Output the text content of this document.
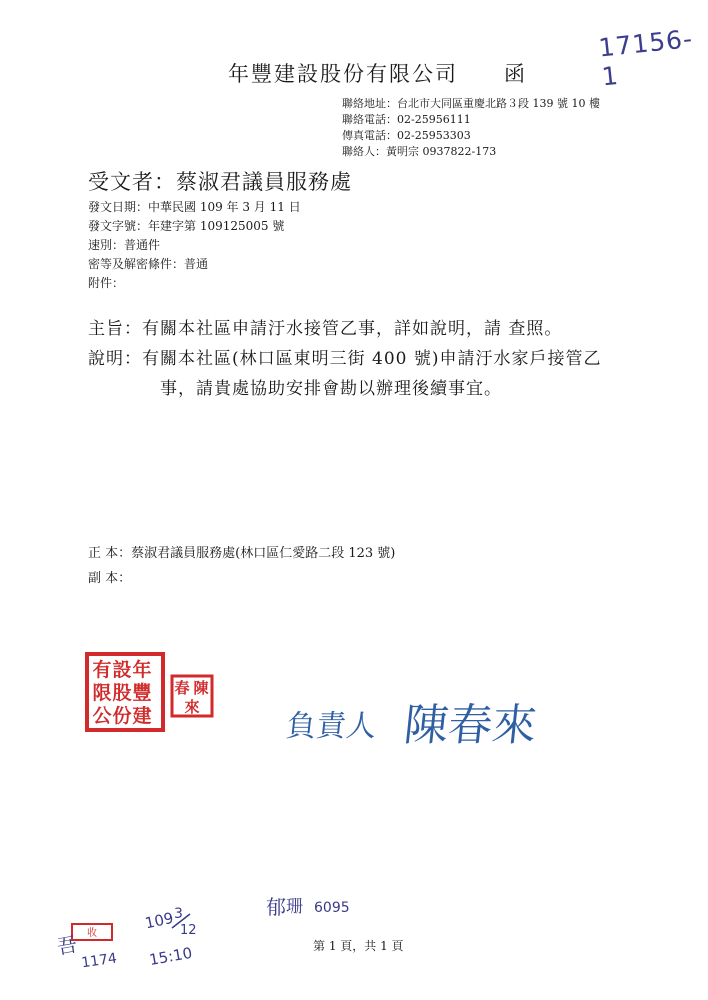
17156-1
年豐建設股份有限公司　　 函
聯絡地址：台北市大同區重慶北路３段 139 號 10 樓
聯絡電話：02-25956111
傳真電話：02-25953303
聯絡人：黃明宗 0937822-173
受文者：蔡淑君議員服務處
發文日期：中華民國 109 年 3 月 11 日
發文字號：年建字第 109125005 號
速別：普通件
密等及解密條件：普通
附件：
主旨：有關本社區申請汙水接管乙事，詳如說明，請 查照。
說明：有關本社區(林口區東明三街 400 號)申請汙水家戶接管乙
事，請貴處協助安排會勘以辦理後續事宜。
正 本：蔡淑君議員服務處(林口區仁愛路二段 123 號)
副 本：
年
豐
建
設
股
份
有
限
公
陳
春
來
負責人 陳春來
收
吾
1174
109
3
12
15:10
郁 珊 6095
第 1 頁，共 1 頁
